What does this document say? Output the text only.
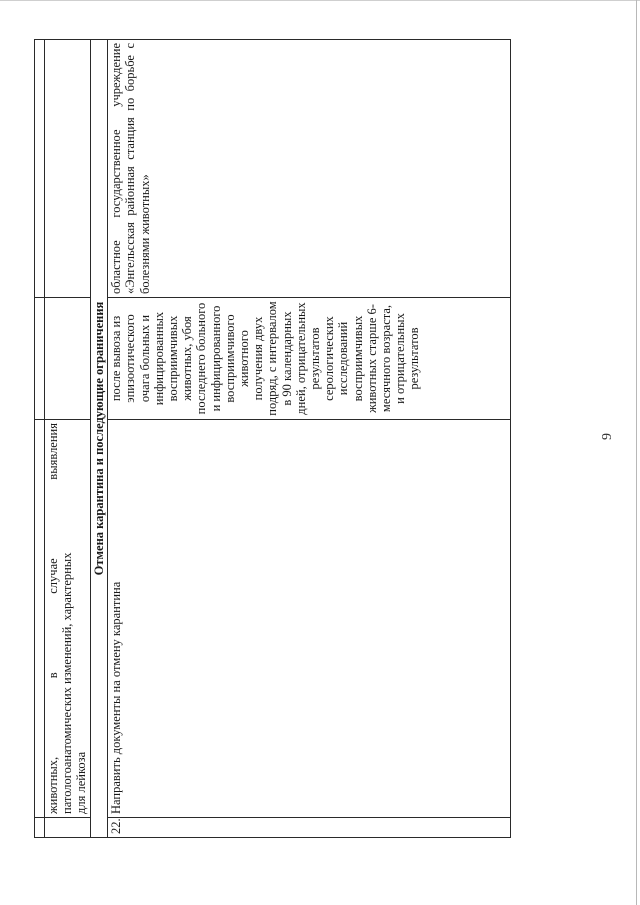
	животных, в случае выявления патологоанатомических изменений, характерных для лейкоза		

Отмена карантина и последующие ограничения			
22.	Направить документы на отмену карантина	после вывоза из эпизоотического очага больных и инфицированных восприимчивых животных, убоя последнего больного и инфицированного восприимчивого животного получения двух подряд, с интервалом в 90 календарных дней, отрицательных результатов серологических исследований восприимчивых животных старше 6-месячного возраста, и отрицательных результатов	областное государственное учреждение «Энгельсская районная станция по борьбе с болезнями животных»
9
